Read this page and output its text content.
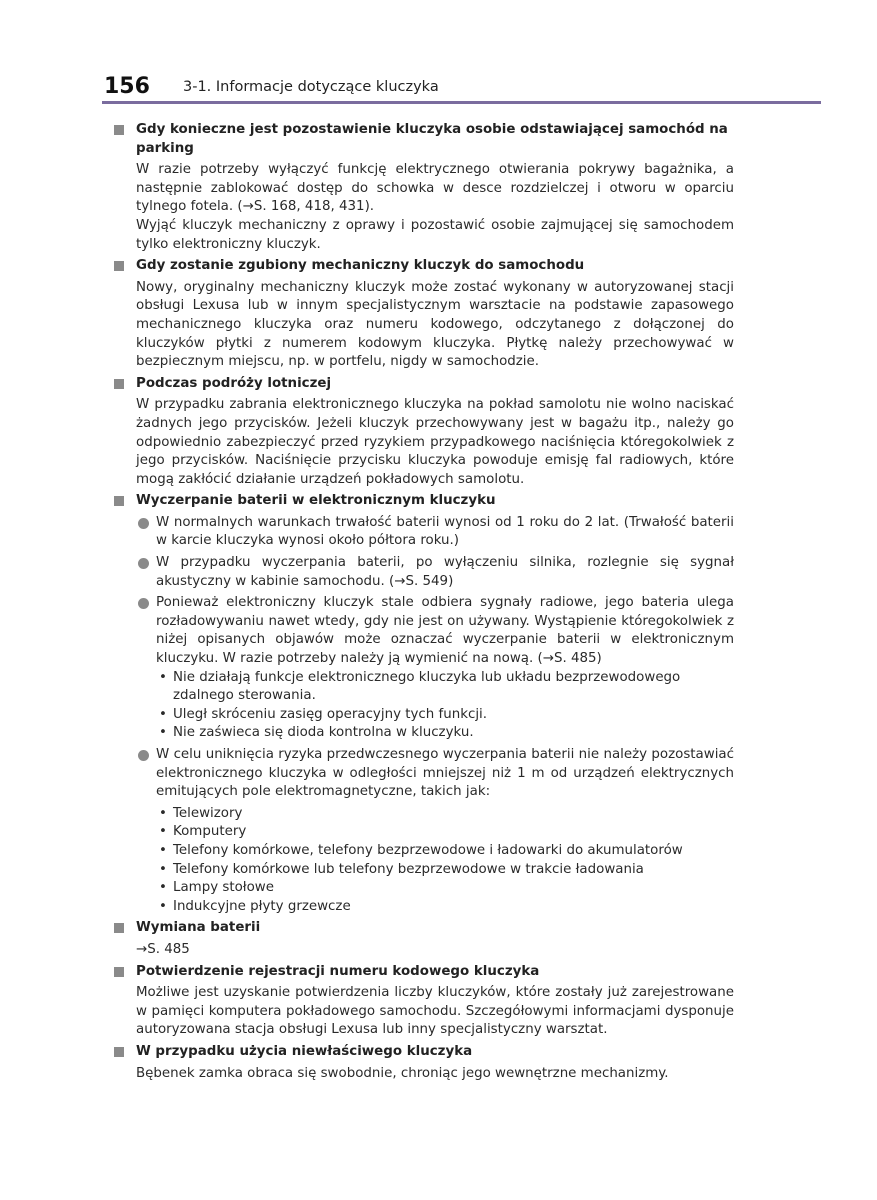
156 3-1. Informacje dotyczące kluczyka
Gdy konieczne jest pozostawienie kluczyka osobie odstawiającej samochód na parking
W razie potrzeby wyłączyć funkcję elektrycznego otwierania pokrywy bagażnika, a następnie zablokować dostęp do schowka w desce rozdzielczej i otworu w oparciu tylnego fotela. (→S. 168, 418, 431).
Wyjąć kluczyk mechaniczny z oprawy i pozostawić osobie zajmującej się samochodem tylko elektroniczny kluczyk.
Gdy zostanie zgubiony mechaniczny kluczyk do samochodu
Nowy, oryginalny mechaniczny kluczyk może zostać wykonany w autoryzowanej stacji obsługi Lexusa lub w innym specjalistycznym warsztacie na podstawie zapasowego mechanicznego kluczyka oraz numeru kodowego, odczytanego z dołączonej do kluczyków płytki z numerem kodowym kluczyka. Płytkę należy przechowywać w bezpiecznym miejscu, np. w portfelu, nigdy w samochodzie.
Podczas podróży lotniczej
W przypadku zabrania elektronicznego kluczyka na pokład samolotu nie wolno naciskać żadnych jego przycisków. Jeżeli kluczyk przechowywany jest w bagażu itp., należy go odpowiednio zabezpieczyć przed ryzykiem przypadkowego naciśnięcia któregokolwiek z jego przycisków. Naciśnięcie przycisku kluczyka powoduje emisję fal radiowych, które mogą zakłócić działanie urządzeń pokładowych samolotu.
Wyczerpanie baterii w elektronicznym kluczyku
W normalnych warunkach trwałość baterii wynosi od 1 roku do 2 lat. (Trwałość baterii w karcie kluczyka wynosi około półtora roku.)
W przypadku wyczerpania baterii, po wyłączeniu silnika, rozlegnie się sygnał akustyczny w kabinie samochodu. (→S. 549)
Ponieważ elektroniczny kluczyk stale odbiera sygnały radiowe, jego bateria ulega rozładowywaniu nawet wtedy, gdy nie jest on używany. Wystąpienie któregokolwiek z niżej opisanych objawów może oznaczać wyczerpanie baterii w elektronicznym kluczyku. W razie potrzeby należy ją wymienić na nową. (→S. 485)
• Nie działają funkcje elektronicznego kluczyka lub układu bezprzewodowego zdalnego sterowania.
• Uległ skróceniu zasięg operacyjny tych funkcji.
• Nie zaświeca się dioda kontrolna w kluczyku.
W celu uniknięcia ryzyka przedwczesnego wyczerpania baterii nie należy pozostawiać elektronicznego kluczyka w odległości mniejszej niż 1 m od urządzeń elektrycznych emitujących pole elektromagnetyczne, takich jak:
• Telewizory
• Komputery
• Telefony komórkowe, telefony bezprzewodowe i ładowarki do akumulatorów
• Telefony komórkowe lub telefony bezprzewodowe w trakcie ładowania
• Lampy stołowe
• Indukcyjne płyty grzewcze
Wymiana baterii
→S. 485
Potwierdzenie rejestracji numeru kodowego kluczyka
Możliwe jest uzyskanie potwierdzenia liczby kluczyków, które zostały już zarejestrowane w pamięci komputera pokładowego samochodu. Szczegółowymi informacjami dysponuje autoryzowana stacja obsługi Lexusa lub inny specjalistyczny warsztat.
W przypadku użycia niewłaściwego kluczyka
Bębenek zamka obraca się swobodnie, chroniąc jego wewnętrzne mechanizmy.
